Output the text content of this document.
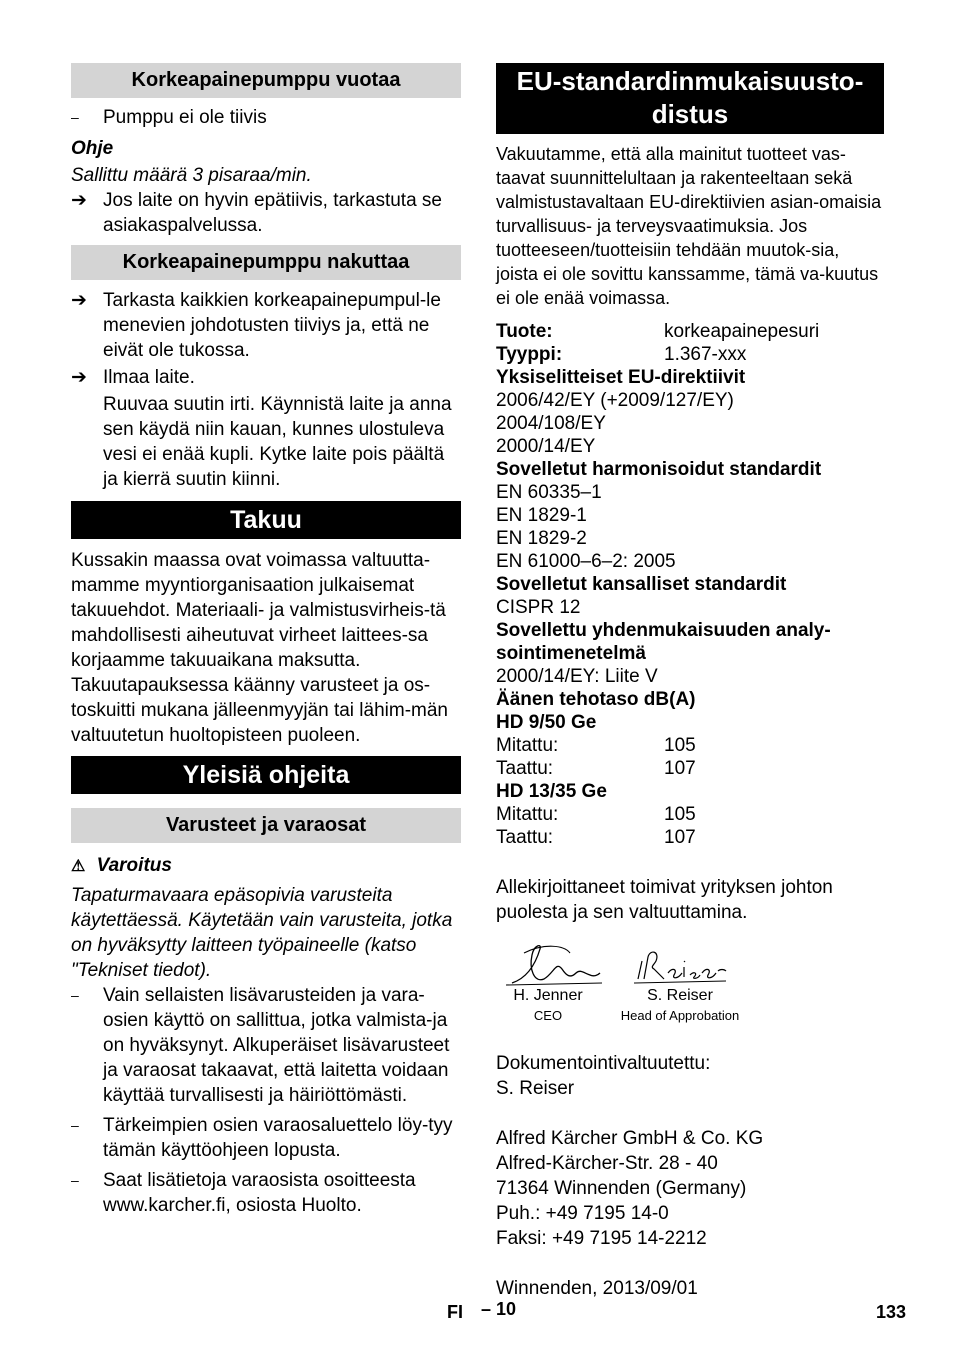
Korkeapainepumppu vuotaa
–	Pumppu ei ole tiivis

Ohje

Sallittu määrä 3 pisaraa/min.

➔ Jos laite on hyvin epätiivis, tarkastuta se asiakaspalvelussa.
Korkeapainepumppu nakuttaa
➔ Tarkasta kaikkien korkeapainepumpul-le menevien johdotusten tiiviys ja, että ne eivät ole tukossa.
➔ Ilmaa laite.
Ruuvaa suutin irti. Käynnistä laite ja anna sen käydä niin kauan, kunnes ulostuleva vesi ei enää kupli. Kytke laite pois päältä ja kierrä suutin kiinni.
Takuu

Kussakin maassa ovat voimassa valtuutta-mamme myyntiorganisaation julkaisemat takuuehdot. Materiaali- ja valmistusvirheis-tä mahdollisesti aiheutuvat virheet laittees-sa korjaamme takuuaikana maksutta. Takuutapauksessa käänny varusteet ja os-toskuitti mukana jälleenmyyjän tai lähim-män valtuutetun huoltopisteen puoleen.

Yleisiä ohjeita
Varusteet ja varaosat

⚠ Varoitus

Tapaturmavaara epäsopivia varusteita käytettäessä. Käytetään vain varusteita, jotka on hyväksytty laitteen työpaineelle (katso "Tekniset tiedot).

–	Vain sellaisten lisävarusteiden ja vara-osien käyttö on sallittua, jotka valmista-ja on hyväksynyt. Alkuperäiset lisävarusteet ja varaosat takaavat, että laitetta voidaan käyttää turvallisesti ja häiriöttömästi.
–	Tärkeimpien osien varaosaluettelo löy-tyy tämän käyttöohjeen lopusta.
–	Saat lisätietoja varaosista osoitteesta www.karcher.fi, osiosta Huolto.
EU-standardinmukaisuusto-
distus

Vakuutamme, että alla mainitut tuotteet vas-taavat suunnittelultaan ja rakenteeltaan sekä valmistustavaltaan EU-direktiivien asian-omaisia turvallisuus- ja terveysvaatimuksia. Jos tuotteeseen/tuotteisiin tehdään muutok-sia, joista ei ole sovittu kanssamme, tämä va-kuutus ei ole enää voimassa.

Tuote:	korkeapainepesuri
Tyyppi:	1.367-xxx
Yksiselitteiset EU-direktiivit
2006/42/EY (+2009/127/EY)
2004/108/EY
2000/14/EY
Sovelletut harmonisoidut standardit
EN 60335–1
EN 1829-1
EN 1829-2
EN 61000–6–2: 2005
Sovelletut kansalliset standardit
CISPR 12
Sovellettu yhdenmukaisuuden analy-
sointimenetelmä
2000/14/EY: Liite V
Äänen tehotaso dB(A)
HD 9/50 Ge
Mitattu:	105
Taattu:	107
HD 13/35 Ge
Mitattu:	105
Taattu:	107

Allekirjoittaneet toimivat yrityksen johton puolesta ja sen valtuuttamina.

H. Jenner
CEO
S. Reiser
Head of Approbation

Dokumentointivaltuutettu:

S. Reiser

Alfred Kärcher GmbH & Co. KG

Alfred-Kärcher-Str. 28 - 40

71364 Winnenden (Germany)

Puh.: +49 7195 14-0

Faksi: +49 7195 14-2212

Winnenden, 2013/09/01

FI – 10	133
